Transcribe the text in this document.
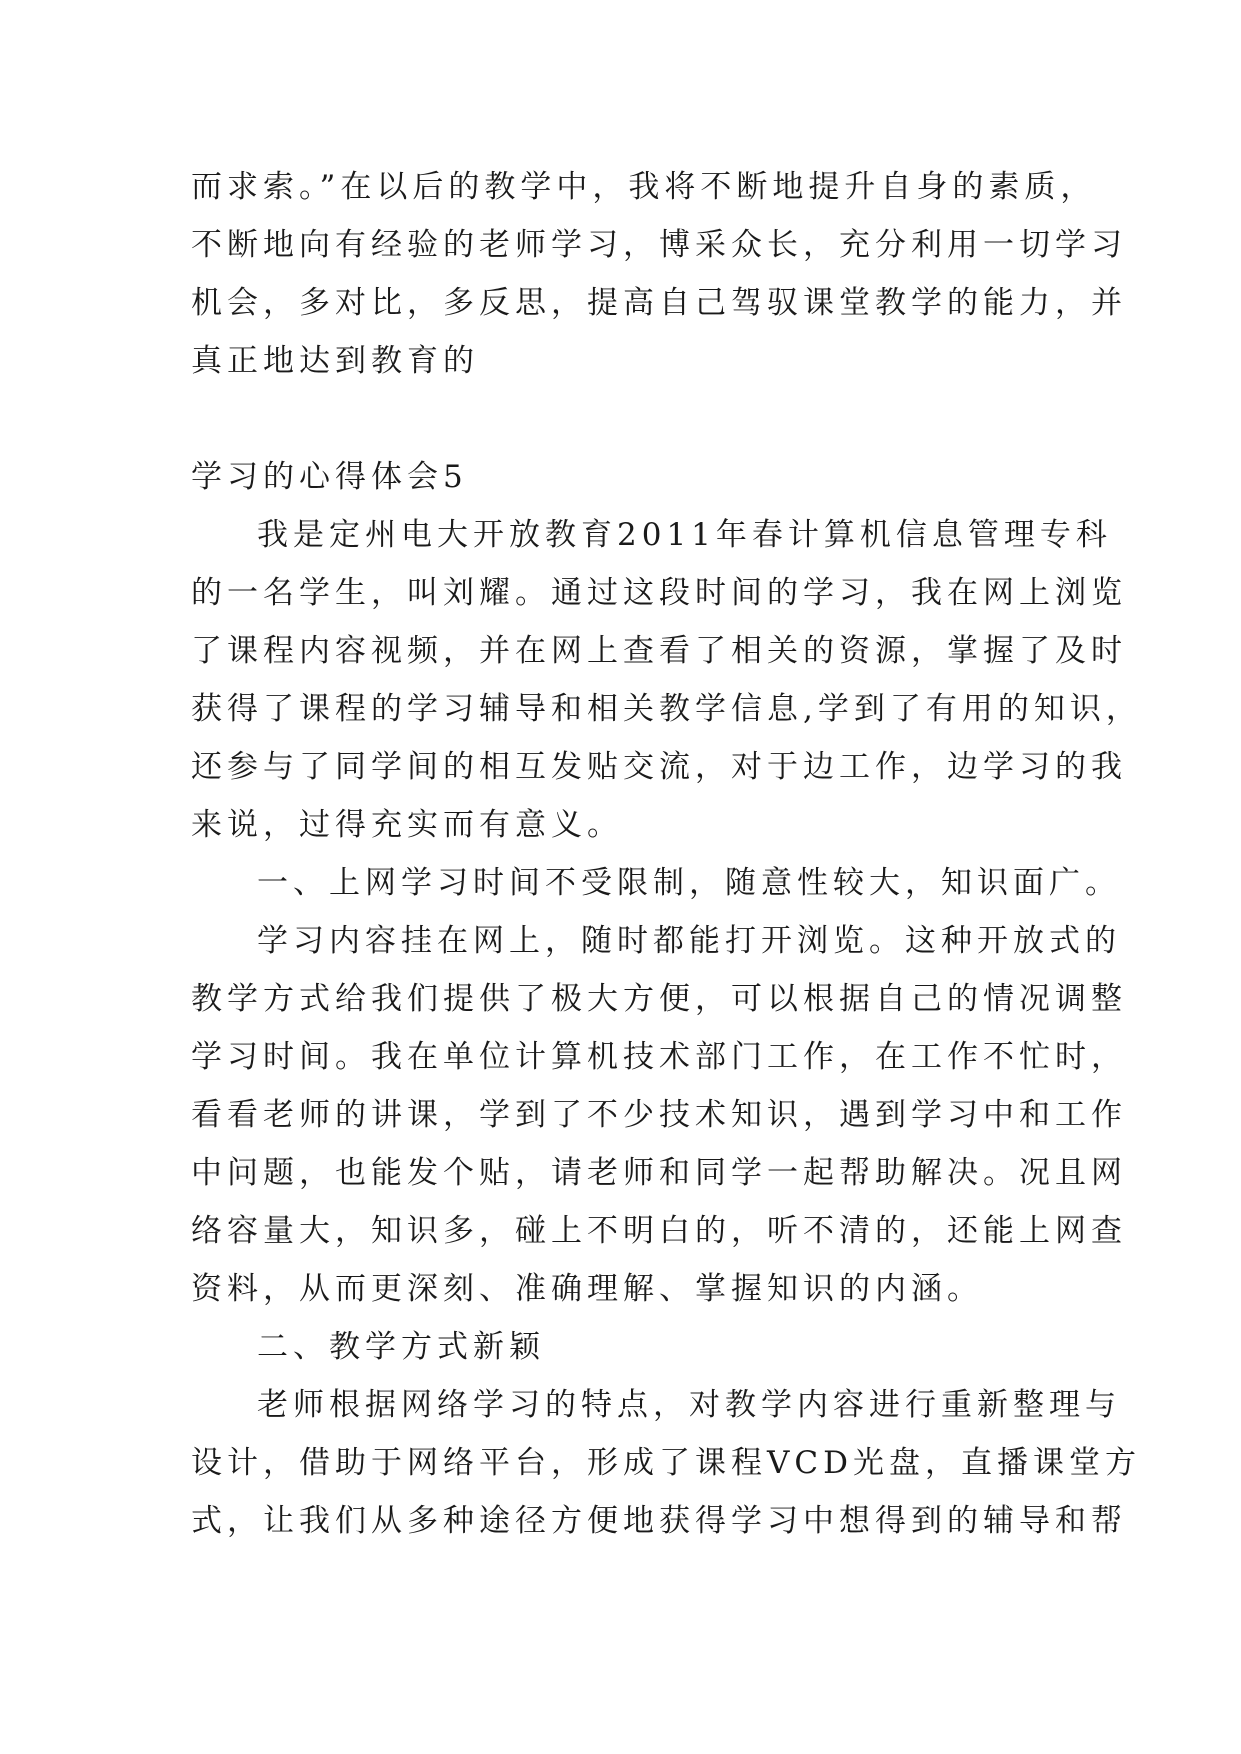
而求索。”在以后的教学中，我将不断地提升自身的素质，
不断地向有经验的老师学习，博采众长，充分利用一切学习
机会，多对比，多反思，提高自己驾驭课堂教学的能力，并
真正地达到教育的
学习的心得体会5
我是定州电大开放教育2011年春计算机信息管理专科
的一名学生，叫刘耀。通过这段时间的学习，我在网上浏览
了课程内容视频，并在网上查看了相关的资源，掌握了及时
获得了课程的学习辅导和相关教学信息,学到了有用的知识，
还参与了同学间的相互发贴交流，对于边工作，边学习的我
来说，过得充实而有意义。
一、上网学习时间不受限制，随意性较大，知识面广。
学习内容挂在网上，随时都能打开浏览。这种开放式的
教学方式给我们提供了极大方便，可以根据自己的情况调整
学习时间。我在单位计算机技术部门工作，在工作不忙时，
看看老师的讲课，学到了不少技术知识，遇到学习中和工作
中问题，也能发个贴，请老师和同学一起帮助解决。况且网
络容量大，知识多，碰上不明白的，听不清的，还能上网查
资料，从而更深刻、准确理解、掌握知识的内涵。
二、教学方式新颖
老师根据网络学习的特点，对教学内容进行重新整理与
设计，借助于网络平台，形成了课程VCD光盘，直播课堂方
式，让我们从多种途径方便地获得学习中想得到的辅导和帮
